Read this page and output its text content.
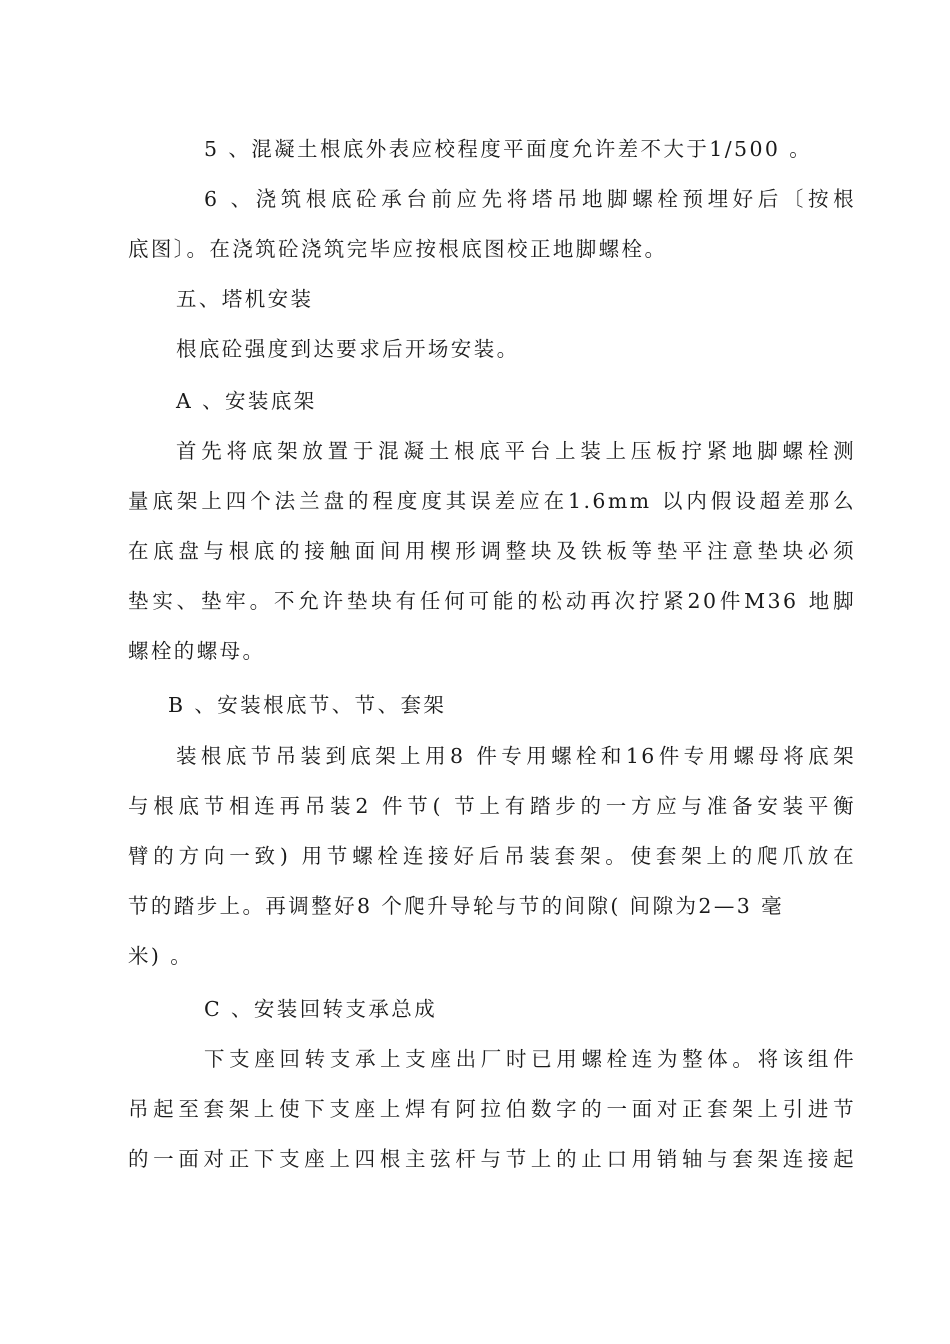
5 、混凝土根底外表应校程度平面度允许差不大于1/500 。
6 、浇筑根底砼承台前应先将塔吊地脚螺栓预埋好后〔按根
底图〕。在浇筑砼浇筑完毕应按根底图校正地脚螺栓。
五、塔机安装
根底砼强度到达要求后开场安装。
A 、安装底架
首先将底架放置于混凝土根底平台上装上压板拧紧地脚螺栓测
量底架上四个法兰盘的程度度其误差应在1.6mm 以内假设超差那么
在底盘与根底的接触面间用楔形调整块及铁板等垫平注意垫块必须
垫实、垫牢。不允许垫块有任何可能的松动再次拧紧20件M36 地脚
螺栓的螺母。
B 、安装根底节、节、套架
装根底节吊装到底架上用8 件专用螺栓和16件专用螺母将底架
与根底节相连再吊装2 件节( 节上有踏步的一方应与准备安装平衡
臂的方向一致) 用节螺栓连接好后吊装套架。使套架上的爬爪放在
节的踏步上。再调整好8 个爬升导轮与节的间隙( 间隙为2—3 毫
米) 。
C 、安装回转支承总成
下支座回转支承上支座出厂时已用螺栓连为整体。将该组件
吊起至套架上使下支座上焊有阿拉伯数字的一面对正套架上引进节
的一面对正下支座上四根主弦杆与节上的止口用销轴与套架连接起
